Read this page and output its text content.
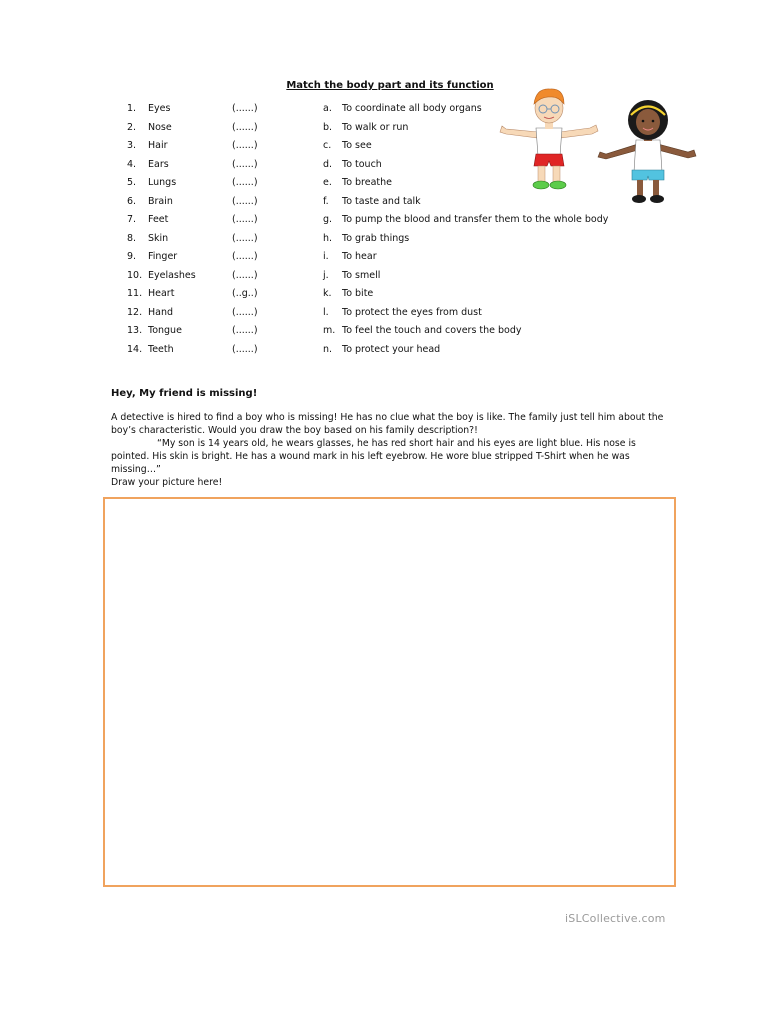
Match the body part and its function
1.	Eyes	(......)	a. To coordinate all body organs
2.	Nose	(......)	b. To walk or run
3.	Hair	(......)	c. To see
4.	Ears	(......)	d. To touch
5.	Lungs	(......)	e. To breathe
6.	Brain	(......)	f. To taste and talk
7.	Feet	(......)	g. To pump the blood and transfer them to the whole body
8.	Skin	(......)	h. To grab things
9.	Finger	(......)	i. To hear
10. Eyelashes	(......)	j. To smell
11. Heart	(..g..)	k. To bite
12. Hand	(......)	l. To protect the eyes from dust
13. Tongue	(......)	m. To feel the touch and covers the body
14. Teeth	(......)	n. To protect your head
Hey, My friend is missing!

A detective is hired to find a boy who is missing! He has no clue what the boy is like. The family just tell him about the boy’s characteristic. Would you draw the boy based on his family description?!

“My son is 14 years old, he wears glasses, he has red short hair and his eyes are light blue. His nose is pointed. His skin is bright. He has a wound mark in his left eyebrow. He wore blue stripped T-Shirt when he was missing…”

Draw your picture here!

iSLCollective.com
